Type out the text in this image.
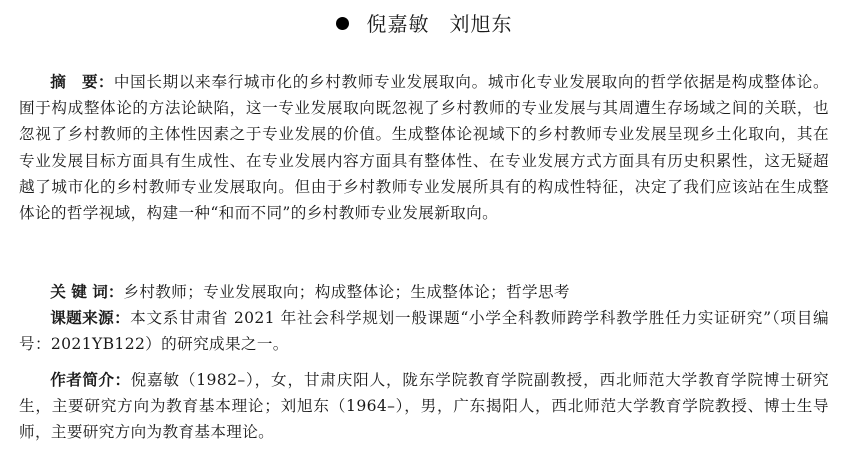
倪嘉敏 刘旭东
摘　要：中国长期以来奉行城市化的乡村教师专业发展取向。城市化专业发展取向的哲学依据是构成整体论。囿于构成整体论的方法论缺陷，这一专业发展取向既忽视了乡村教师的专业发展与其周遭生存场域之间的关联，也忽视了乡村教师的主体性因素之于专业发展的价值。生成整体论视域下的乡村教师专业发展呈现乡土化取向，其在专业发展目标方面具有生成性、在专业发展内容方面具有整体性、在专业发展方式方面具有历史积累性，这无疑超越了城市化的乡村教师专业发展取向。但由于乡村教师专业发展所具有的构成性特征，决定了我们应该站在生成整体论的哲学视域，构建一种“和而不同”的乡村教师专业发展新取向。
关 键 词：乡村教师；专业发展取向；构成整体论；生成整体论；哲学思考
课题来源：本文系甘肃省 2021 年社会科学规划一般课题“小学全科教师跨学科教学胜任力实证研究”（项目编号：2021YB122）的研究成果之一。
作者简介：倪嘉敏（1982–），女，甘肃庆阳人，陇东学院教育学院副教授，西北师范大学教育学院博士研究生，主要研究方向为教育基本理论；刘旭东（1964–），男，广东揭阳人，西北师范大学教育学院教授、博士生导师，主要研究方向为教育基本理论。
